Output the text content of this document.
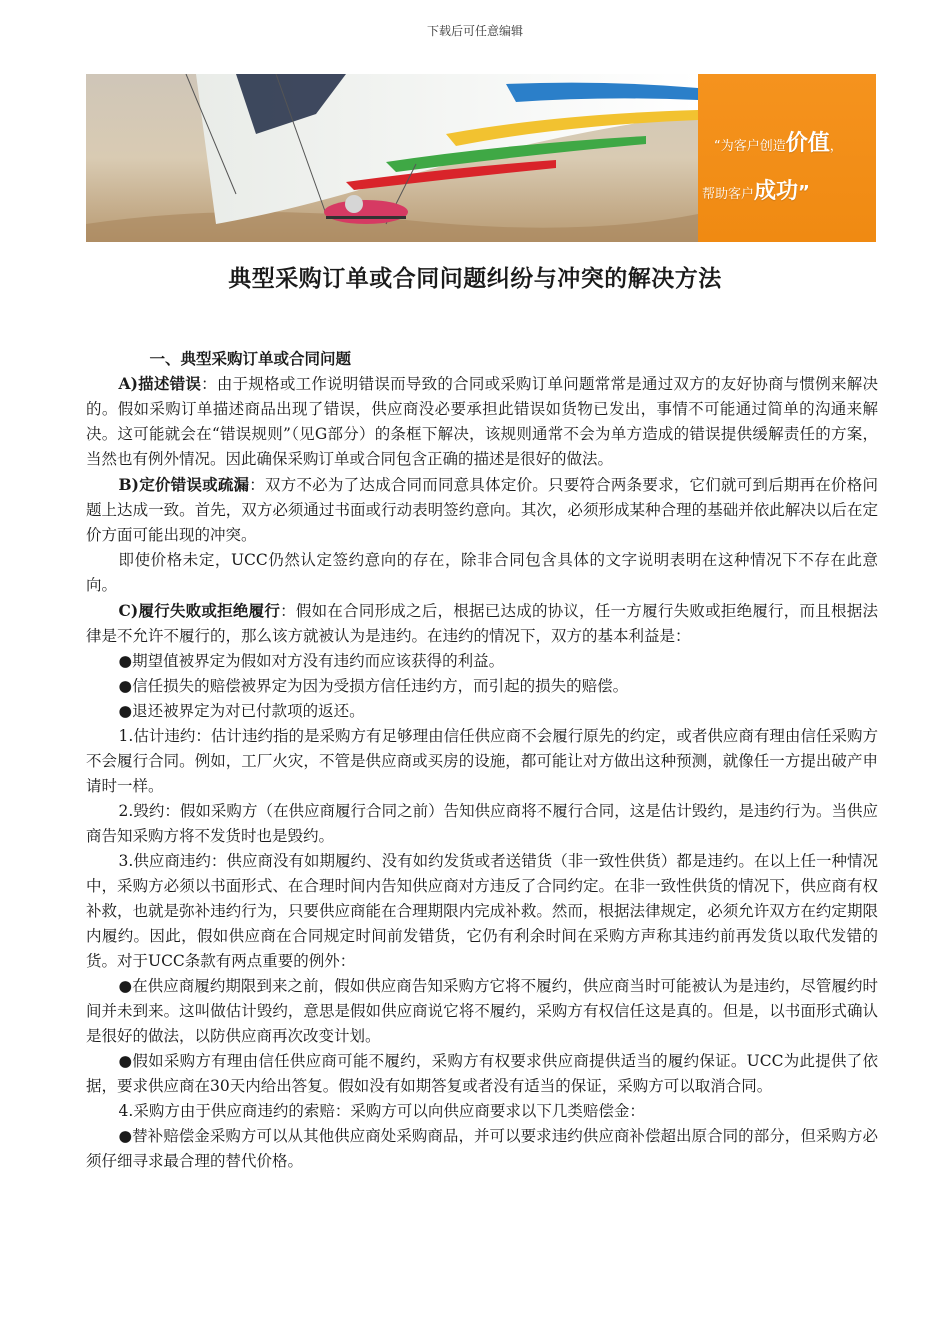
下载后可任意编辑
“为客户创造价值，
帮助客户成功”
典型采购订单或合同问题纠纷与冲突的解决方法

一、典型采购订单或合同问题

A)描述错误：由于规格或工作说明错误而导致的合同或采购订单问题常常是通过双方的友好协商与惯例来解决的。假如采购订单描述商品出现了错误，供应商没必要承担此错误如货物已发出，事情不可能通过简单的沟通来解决。这可能就会在“错误规则”（见G部分）的条框下解决，该规则通常不会为单方造成的错误提供缓解责任的方案，当然也有例外情况。因此确保采购订单或合同包含正确的描述是很好的做法。

B)定价错误或疏漏：双方不必为了达成合同而同意具体定价。只要符合两条要求，它们就可到后期再在价格问题上达成一致。首先，双方必须通过书面或行动表明签约意向。其次，必须形成某种合理的基础并依此解决以后在定价方面可能出现的冲突。

即使价格未定，UCC仍然认定签约意向的存在，除非合同包含具体的文字说明表明在这种情况下不存在此意向。

C)履行失败或拒绝履行：假如在合同形成之后，根据已达成的协议，任一方履行失败或拒绝履行，而且根据法律是不允许不履行的，那么该方就被认为是违约。在违约的情况下，双方的基本利益是：

● 期望值被界定为假如对方没有违约而应该获得的利益。

● 信任损失的赔偿被界定为因为受损方信任违约方，而引起的损失的赔偿。

● 退还被界定为对已付款项的返还。

1.估计违约：估计违约指的是采购方有足够理由信任供应商不会履行原先的约定，或者供应商有理由信任采购方不会履行合同。例如，工厂火灾，不管是供应商或买房的设施，都可能让对方做出这种预测，就像任一方提出破产申请时一样。

2.毁约：假如采购方（在供应商履行合同之前）告知供应商将不履行合同，这是估计毁约，是违约行为。当供应商告知采购方将不发货时也是毁约。

3.供应商违约：供应商没有如期履约、没有如约发货或者送错货（非一致性供货）都是违约。在以上任一种情况中，采购方必须以书面形式、在合理时间内告知供应商对方违反了合同约定。在非一致性供货的情况下，供应商有权补救，也就是弥补违约行为，只要供应商能在合理期限内完成补救。然而，根据法律规定，必须允许双方在约定期限内履约。因此，假如供应商在合同规定时间前发错货，它仍有利余时间在采购方声称其违约前再发货以取代发错的货。对于UCC条款有两点重要的例外：

● 在供应商履约期限到来之前，假如供应商告知采购方它将不履约，供应商当时可能被认为是违约，尽管履约时间并未到来。这叫做估计毁约，意思是假如供应商说它将不履约，采购方有权信任这是真的。但是，以书面形式确认是很好的做法，以防供应商再次改变计划。

● 假如采购方有理由信任供应商可能不履约，采购方有权要求供应商提供适当的履约保证。UCC为此提供了依据，要求供应商在30天内给出答复。假如没有如期答复或者没有适当的保证，采购方可以取消合同。

4.采购方由于供应商违约的索赔：采购方可以向供应商要求以下几类赔偿金：

● 替补赔偿金采购方可以从其他供应商处采购商品，并可以要求违约供应商补偿超出原合同的部分，但采购方必须仔细寻求最合理的替代价格。
